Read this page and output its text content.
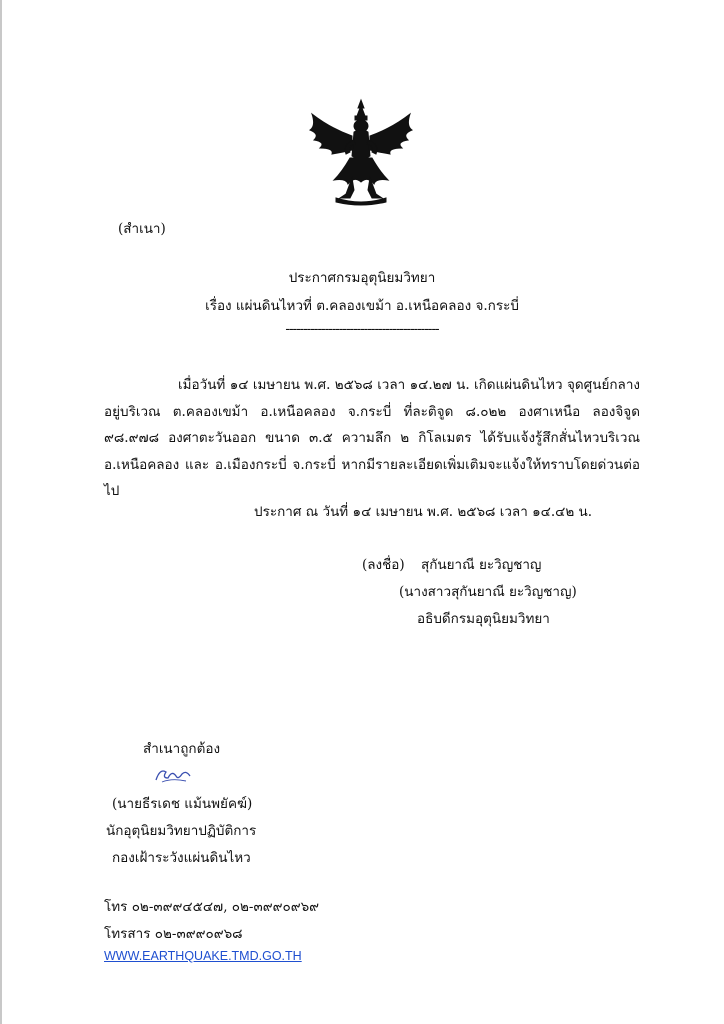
(สำเนา)
ประกาศกรมอุตุนิยมวิทยา
เรื่อง แผ่นดินไหวที่ ต.คลองเขม้า อ.เหนือคลอง จ.กระบี่
-------------------------------------------

เมื่อวันที่ ๑๔ เมษายน พ.ศ. ๒๕๖๘ เวลา ๑๔.๒๗ น. เกิดแผ่นดินไหว จุดศูนย์กลางอยู่บริเวณ ต.คลองเขม้า อ.เหนือคลอง จ.กระบี่ ที่ละติจูด ๘.๐๒๒ องศาเหนือ ลองจิจูด ๙๘.๙๗๘ องศาตะวันออก ขนาด ๓.๕ ความลึก ๒ กิโลเมตร ได้รับแจ้งรู้สึกสั่นไหวบริเวณ อ.เหนือคลอง และ อ.เมืองกระบี่ จ.กระบี่ หากมีรายละเอียดเพิ่มเติมจะแจ้งให้ทราบโดยด่วนต่อไป

ประกาศ ณ วันที่ ๑๔ เมษายน พ.ศ. ๒๕๖๘ เวลา ๑๔.๔๒ น.
(ลงชื่อ) สุกันยาณี ยะวิญชาญ
(นางสาวสุกันยาณี ยะวิญชาญ)
อธิบดีกรมอุตุนิยมวิทยา
สำเนาถูกต้อง
(นายธีรเดช แม้นพยัคฆ์)
นักอุตุนิยมวิทยาปฏิบัติการ
กองเฝ้าระวังแผ่นดินไหว
โทร ๐๒-๓๙๙๔๕๔๗, ๐๒-๓๙๙๐๙๖๙
โทรสาร ๐๒-๓๙๙๐๙๖๘
WWW.EARTHQUAKE.TMD.GO.TH
